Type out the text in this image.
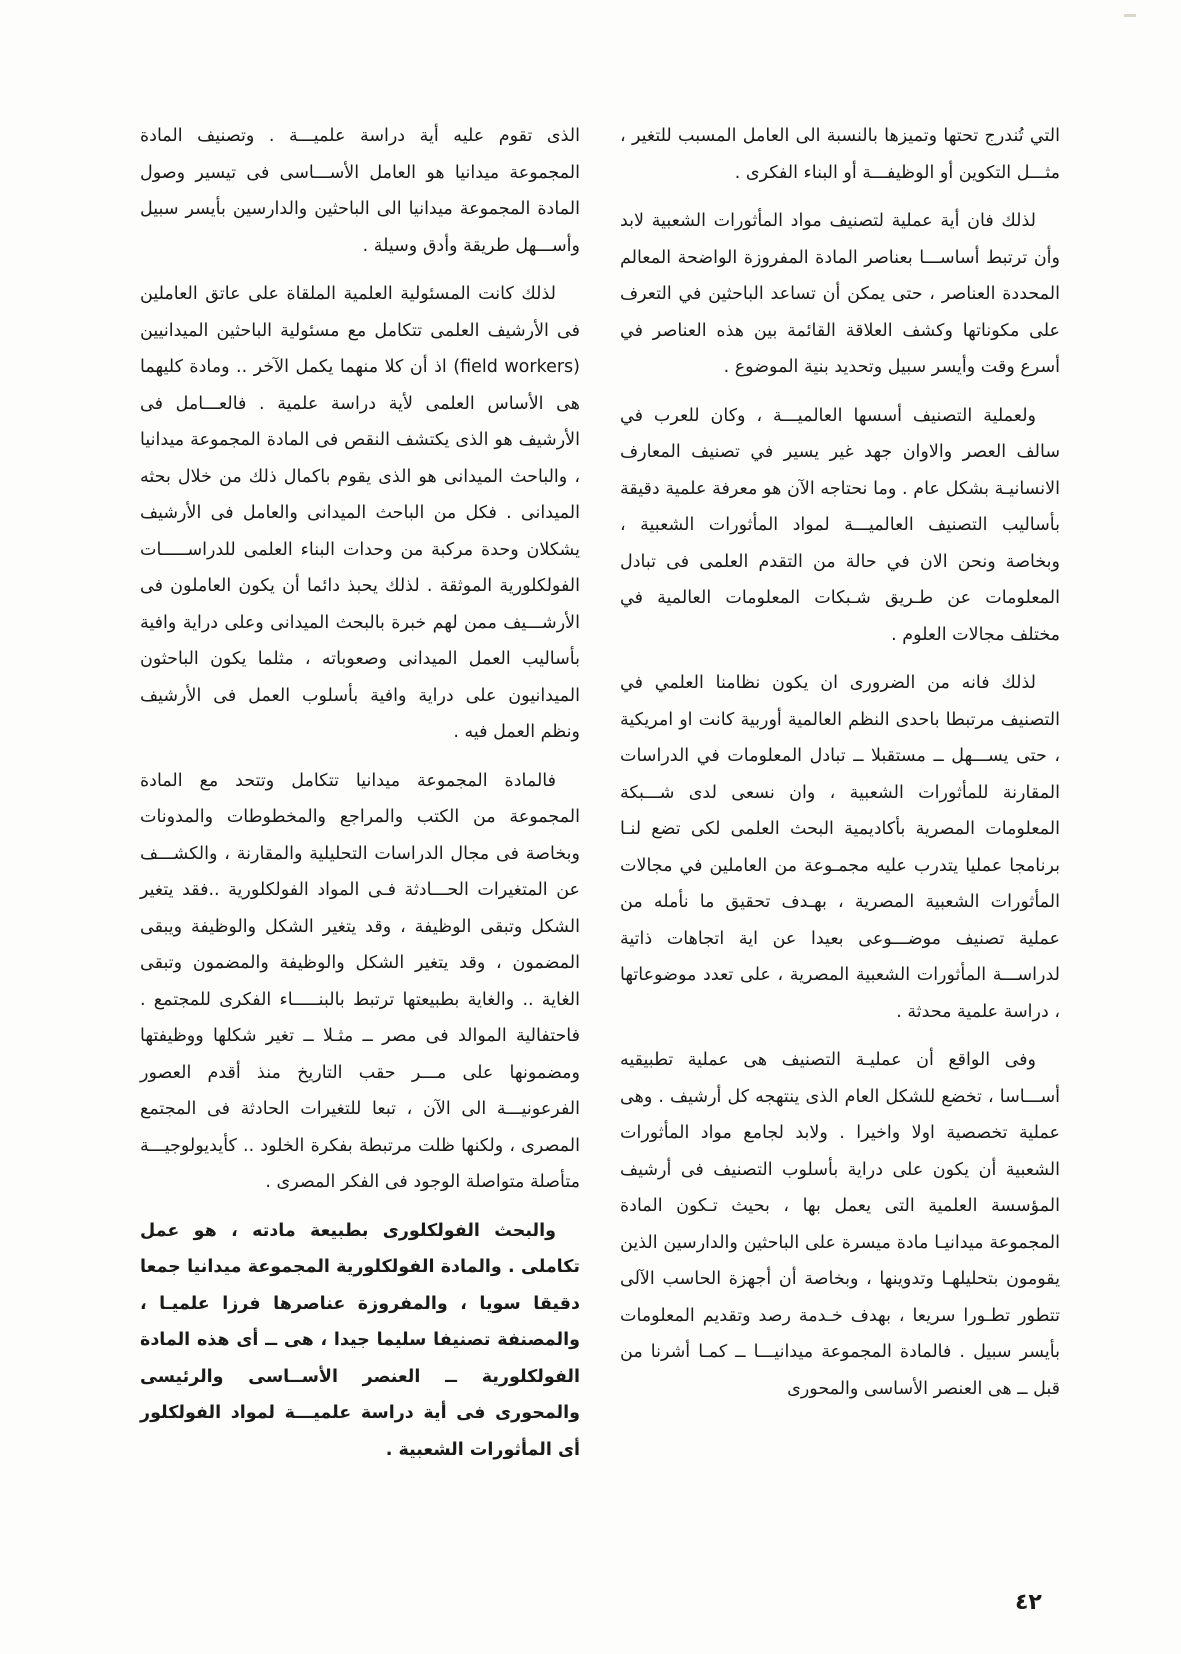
التي تُندرج تحتها وتميزها بالنسبة الى العامل المسبب للتغير ، مثـــل التكوين أو الوظيفـــة أو البناء الفكرى .

لذلك فان أية عملية لتصنيف مواد المأثورات الشعبية لابد وأن ترتبط أساســـا بعناصر المادة المفروزة الواضحة المعالم المحددة العناصر ، حتى يمكن أن تساعد الباحثين في التعرف على مكوناتها وكشف العلاقة القائمة بين هذه العناصر في أسرع وقت وأيسر سبيل وتحديد بنية الموضوع .

ولعملية التصنيف أسسها العالميـــة ، وكان للعرب في سالف العصر والاوان جهد غير يسير في تصنيف المعارف الانسانيـة بشكل عام . وما نحتاجه الآن هو معرفة علمية دقيقة بأساليب التصنيف العالميـــة لمواد المأثورات الشعبية ، وبخاصة ونحن الان في حالة من التقدم العلمى فى تبادل المعلومات عن طـريق شـبكات المعلومات العالمية في مختلف مجالات العلوم .

لذلك فانه من الضرورى ان يكون نظامنا العلمي في التصنيف مرتبطا باحدى النظم العالمية أوربية كانت او امريكية ، حتى يســـهل ــ مستقبلا ــ تبادل المعلومات في الدراسات المقارنة للمأثورات الشعبية ، وان نسعى لدى شـــبكة المعلومات المصرية بأكاديمية البحث العلمى لكى تضع لنـا برنامجا عمليا يتدرب عليه مجمـوعة من العاملين في مجالات المأثورات الشعبية المصرية ، بهـدف تحقيق ما نأمله من عملية تصنيف موضـــوعى بعيدا عن اية اتجاهات ذاتية لدراســـة المأثورات الشعبية المصرية ، على تعدد موضوعاتها ، دراسة علمية محدثة .

وفى الواقع أن عمليـة التصنيف هى عملية تطبيقيه أســـاسا ، تخضع للشكل العام الذى ينتهجه كل أرشيف . وهى عملية تخصصية اولا واخيرا . ولابد لجامع مواد المأثورات الشعبية أن يكون على دراية بأسلوب التصنيف فى أرشيف المؤسسة العلمية التى يعمل بها ، بحيث تـكون المادة المجموعة ميدانيـا مادة ميسرة على الباحثين والدارسين الذين يقومون بتحليلهـا وتدوينها ، وبخاصة أن أجهزة الحاسب الآلى تتطور تطـورا سريعا ، بهدف خـدمة رصد وتقديم المعلومات بأيسر سبيل . فالمادة المجموعة ميدانيـــا ــ كمـا أشرنا من قبل ــ هى العنصر الأساسى والمحورى

الذى تقوم عليه أية دراسة علميـــة . وتصنيف المادة المجموعة ميدانيا هو العامل الأســـاسى فى تيسير وصول المادة المجموعة ميدانيا الى الباحثين والدارسين بأيسر سبيل وأســـهل طريقة وأدق وسيلة .

لذلك كانت المسئولية العلمية الملقاة على عاتق العاملين فى الأرشيف العلمى تتكامل مع مسئولية الباحثين الميدانيين (field workers) اذ أن كلا منهما يكمل الآخر .. ومادة كليهما هى الأساس العلمى لأية دراسة علمية . فالعـــامل فى الأرشيف هو الذى يكتشف النقص فى المادة المجموعة ميدانيا ، والباحث الميدانى هو الذى يقوم باكمال ذلك من خلال بحثه الميدانى . فكل من الباحث الميدانى والعامل فى الأرشيف يشكلان وحدة مركبة من وحدات البناء العلمى للدراســـــات الفولكلورية الموثقة . لذلك يحبذ دائما أن يكون العاملون فى الأرشـــيف ممن لهم خبرة بالبحث الميدانى وعلى دراية وافية بأساليب العمل الميدانى وصعوباته ، مثلما يكون الباحثون الميدانيون على دراية وافية بأسلوب العمل فى الأرشيف ونظم العمل فيه .

فالمادة المجموعة ميدانيا تتكامل وتتحد مع المادة المجموعة من الكتب والمراجع والمخطوطات والمدونات وبخاصة فى مجال الدراسات التحليلية والمقارنة ، والكشـــف عن المتغيرات الحـــادثة فـى المواد الفولكلورية ..فقد يتغير الشكل وتبقى الوظيفة ، وقد يتغير الشكل والوظيفة ويبقى المضمون ، وقد يتغير الشكل والوظيفة والمضمون وتبقى الغاية .. والغاية بطبيعتها ترتبط بالبنـــــاء الفكرى للمجتمع . فاحتفالية الموالد فى مصر ــ مثـلا ــ تغير شكلها ووظيفتها ومضمونها على مـــر حقب التاريخ منذ أقدم العصور الفرعونيـــة الى الآن ، تبعا للتغيرات الحادثة فى المجتمع المصرى ، ولكنها ظلت مرتبطة بفكرة الخلود .. كأيديولوجيـــة متأصلة متواصلة الوجود فى الفكر المصرى .

والبحث الفولكلورى بطبيعة مادته ، هو عمل تكاملى . والمادة الفولكلورية المجموعة ميدانيا جمعا دقيقا سويا ، والمفروزة عناصرها فرزا علميـا ، والمصنفة تصنيفا سليما جيدا ، هى ــ أى هذه المادة الفولكلورية ــ العنصر الأســاسى والرئيسى والمحورى فى أية دراسة علميـــة لمواد الفولكلور أى المأثورات الشعبية .

٤٢
